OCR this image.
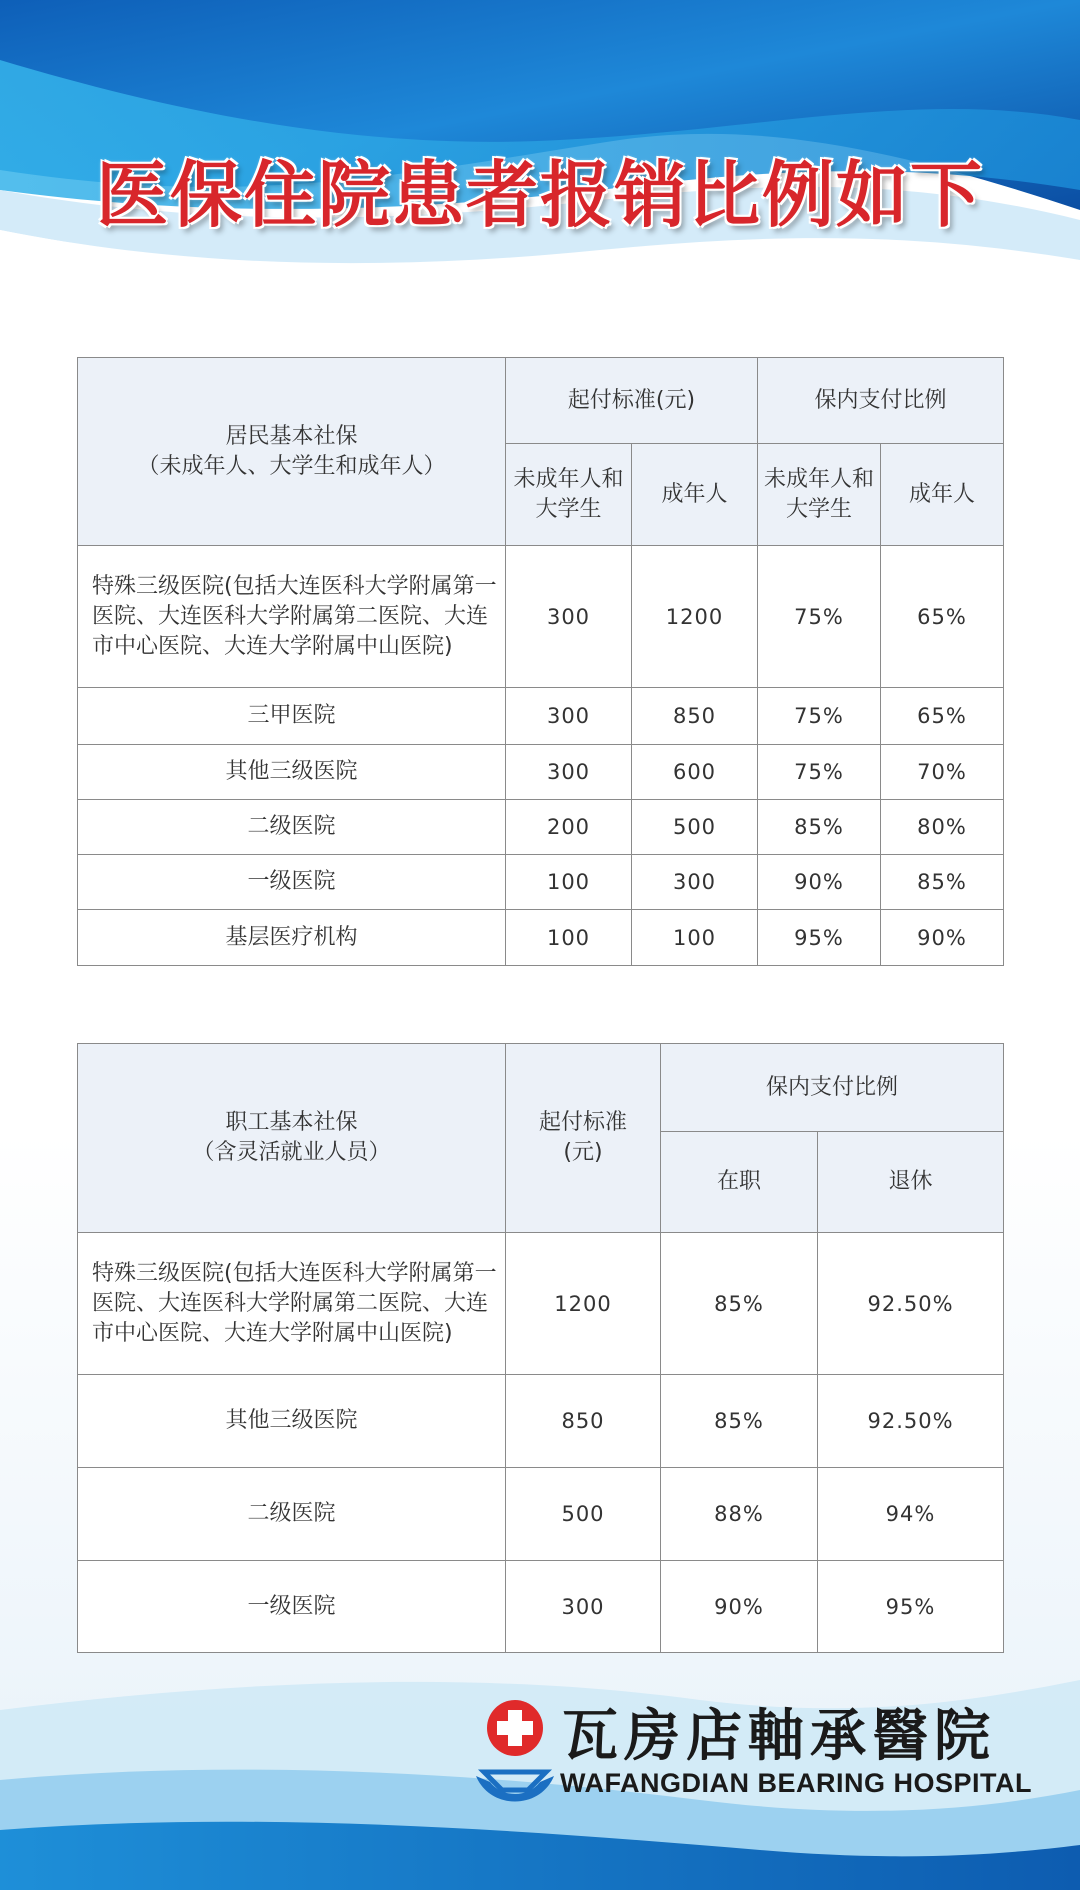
医保住院患者报销比例如下
居民基本社保
（未成年人、大学生和成年人）	起付标准(元)		保内支付比例	
	未成年人和大学生	成年人	未成年人和大学生	成年人
特殊三级医院(包括大连医科大学附属第一医院、大连医科大学附属第二医院、大连市中心医院、大连大学附属中山医院)	300	1200	75%	65%
三甲医院	300	850	75%	65%
其他三级医院	300	600	75%	70%
二级医院	200	500	85%	80%
一级医院	100	300	90%	85%
基层医疗机构	100	100	95%	90%
职工基本社保
（含灵活就业人员）	起付标准(元)	保内支付比例	
		在职	退休
特殊三级医院(包括大连医科大学附属第一医院、大连医科大学附属第二医院、大连市中心医院、大连大学附属中山医院)	1200	85%	92.50%
其他三级医院	850	85%	92.50%
二级医院	500	88%	94%
一级医院	300	90%	95%
瓦房店軸承醫院
WAFANGDIAN BEARING HOSPITAL
